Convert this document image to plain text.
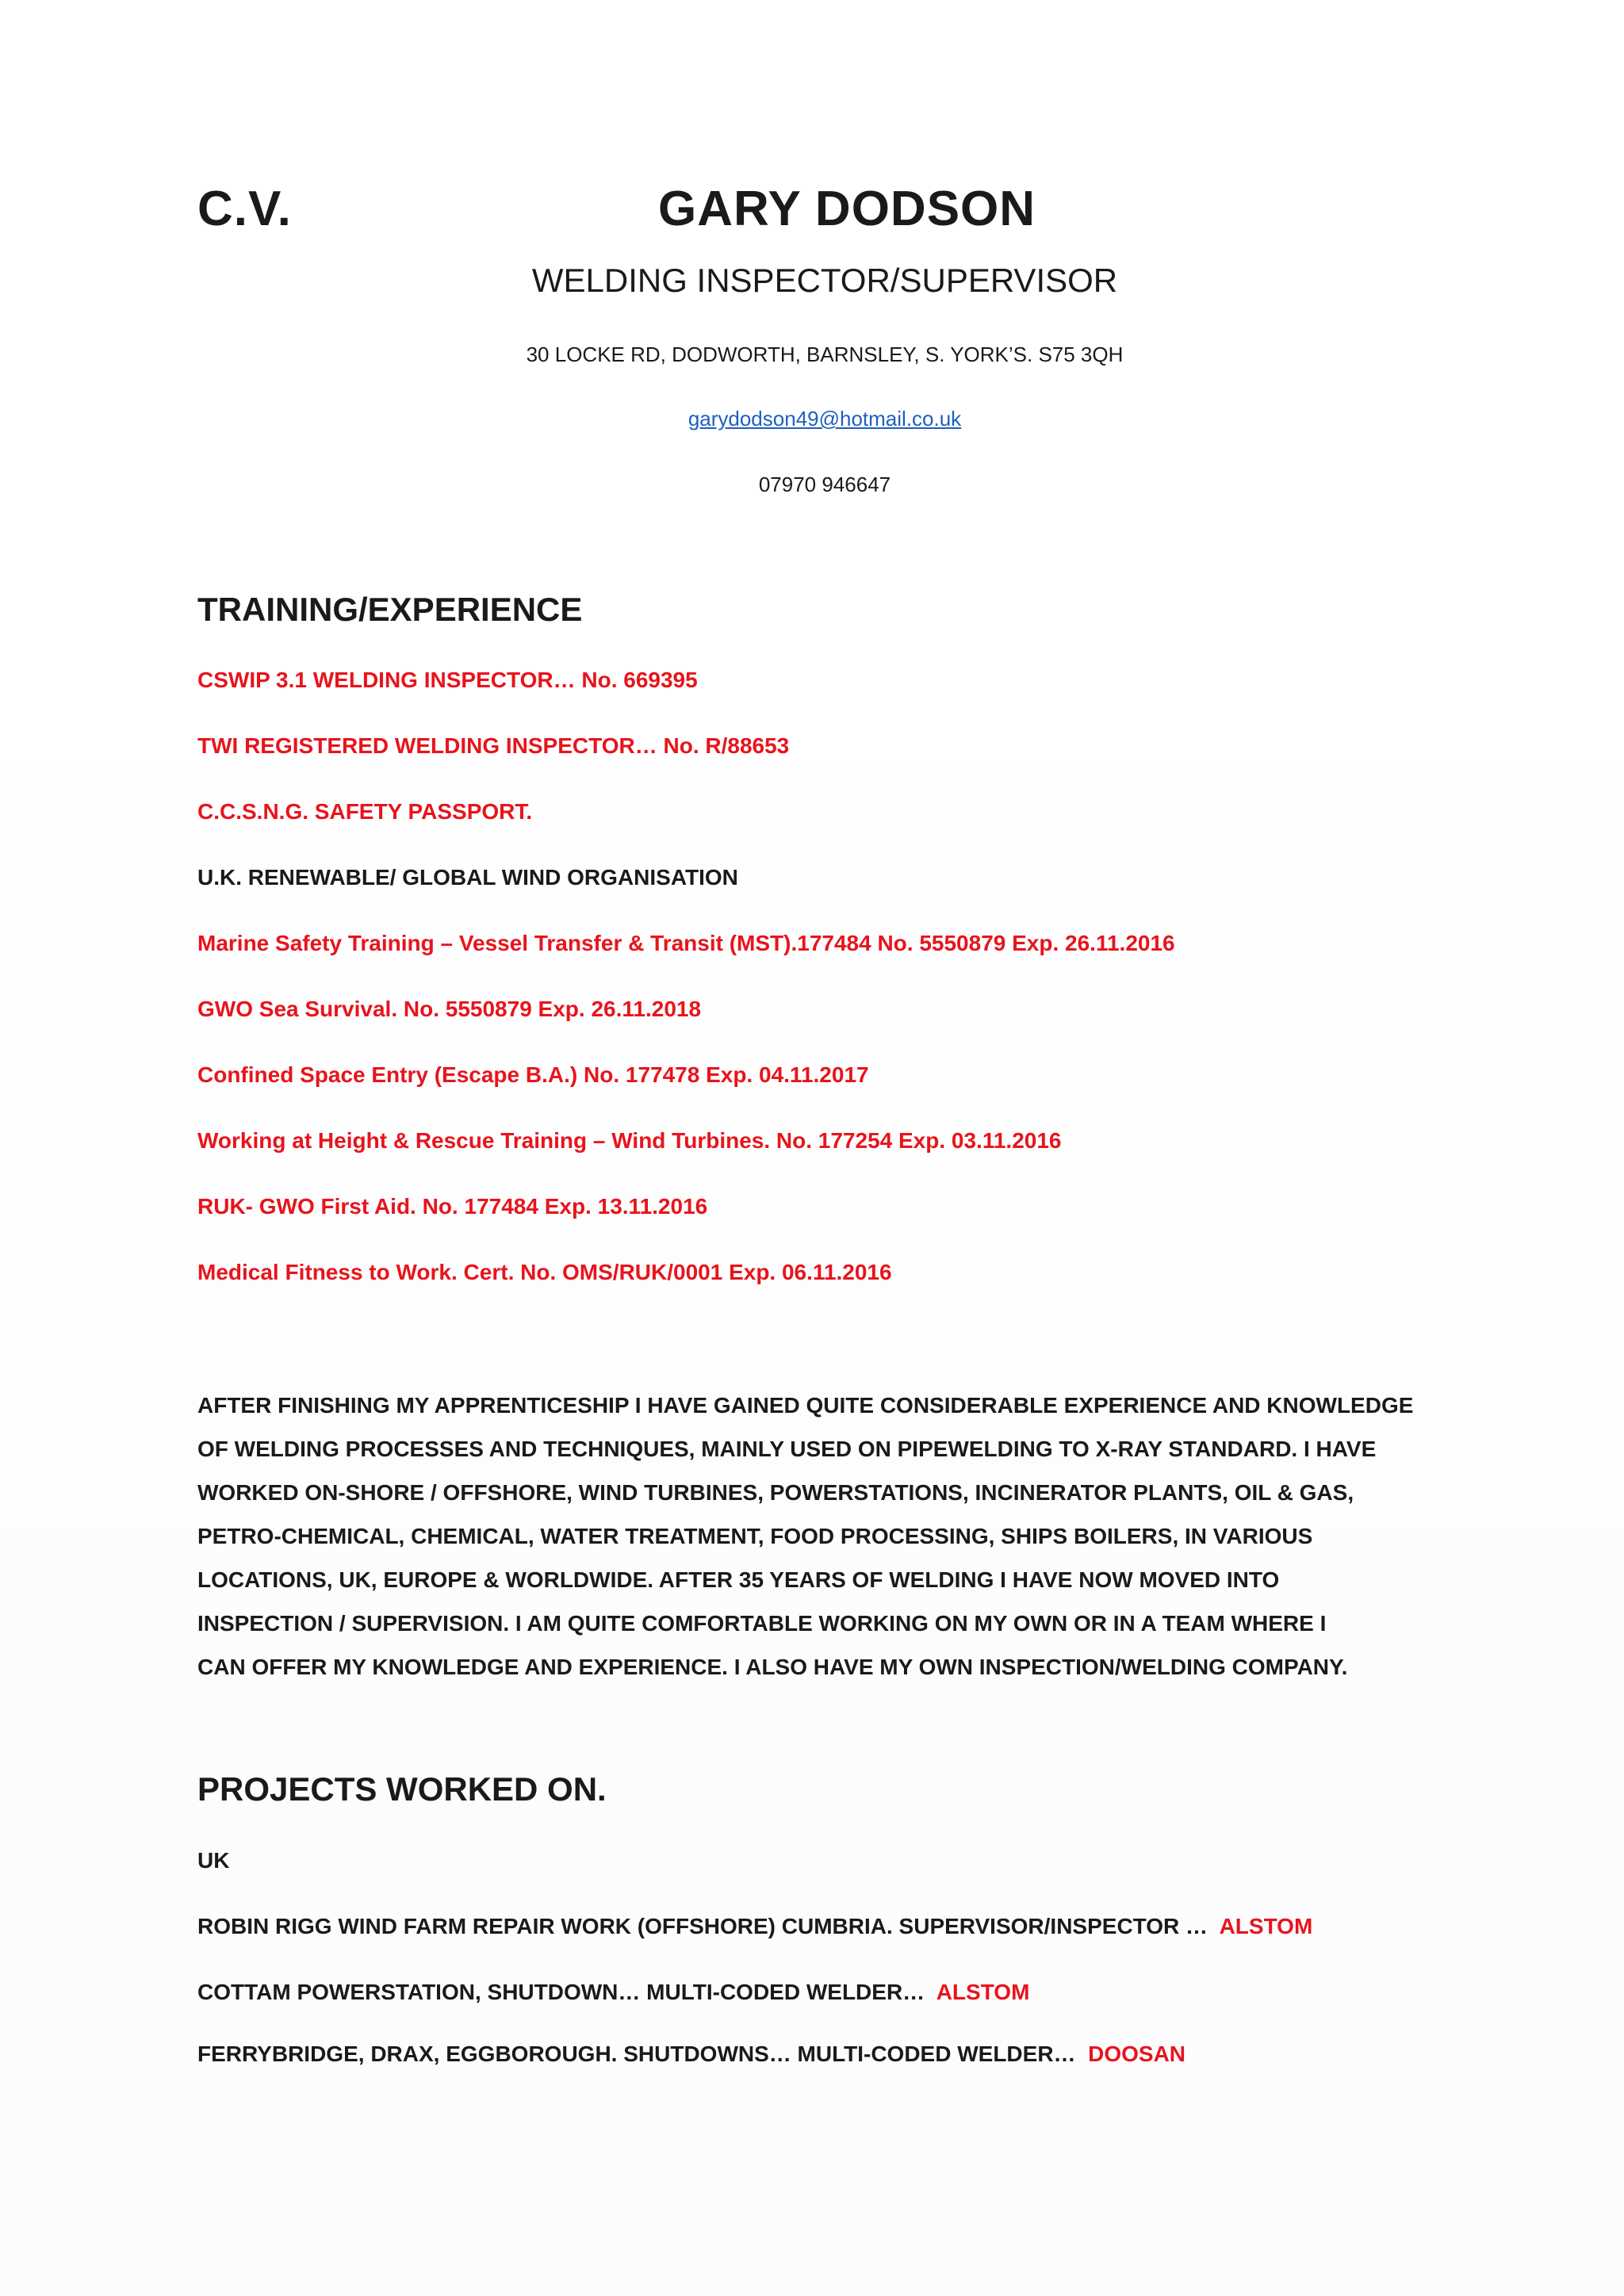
C.V.	GARY DODSON
WELDING INSPECTOR/SUPERVISOR
30 LOCKE RD, DODWORTH, BARNSLEY, S. YORK’S. S75 3QH
garydodson49@hotmail.co.uk
07970 946647
TRAINING/EXPERIENCE
CSWIP 3.1 WELDING INSPECTOR… No. 669395
TWI REGISTERED WELDING INSPECTOR… No. R/88653
C.C.S.N.G. SAFETY PASSPORT.
U.K. RENEWABLE/ GLOBAL WIND ORGANISATION
Marine Safety Training – Vessel Transfer & Transit (MST).177484 No. 5550879 Exp. 26.11.2016
GWO Sea Survival. No. 5550879 Exp. 26.11.2018
Confined Space Entry (Escape B.A.) No. 177478 Exp. 04.11.2017
Working at Height & Rescue Training – Wind Turbines. No. 177254 Exp. 03.11.2016
RUK- GWO First Aid. No. 177484 Exp. 13.11.2016
Medical Fitness to Work. Cert. No. OMS/RUK/0001 Exp. 06.11.2016
AFTER FINISHING MY APPRENTICESHIP I HAVE GAINED QUITE CONSIDERABLE EXPERIENCE AND KNOWLEDGE
OF WELDING PROCESSES AND TECHNIQUES, MAINLY USED ON PIPEWELDING TO X-RAY STANDARD. I HAVE
WORKED ON-SHORE / OFFSHORE, WIND TURBINES, POWERSTATIONS, INCINERATOR PLANTS, OIL & GAS,
PETRO-CHEMICAL, CHEMICAL, WATER TREATMENT, FOOD PROCESSING, SHIPS BOILERS, IN VARIOUS
LOCATIONS, UK, EUROPE & WORLDWIDE. AFTER 35 YEARS OF WELDING I HAVE NOW MOVED INTO
INSPECTION / SUPERVISION. I AM QUITE COMFORTABLE WORKING ON MY OWN OR IN A TEAM WHERE I
CAN OFFER MY KNOWLEDGE AND EXPERIENCE. I ALSO HAVE MY OWN INSPECTION/WELDING COMPANY.
PROJECTS WORKED ON.
UK
ROBIN RIGG WIND FARM REPAIR WORK (OFFSHORE) CUMBRIA. SUPERVISOR/INSPECTOR … ALSTOM
COTTAM POWERSTATION, SHUTDOWN… MULTI-CODED WELDER… ALSTOM
FERRYBRIDGE, DRAX, EGGBOROUGH. SHUTDOWNS… MULTI-CODED WELDER… DOOSAN
